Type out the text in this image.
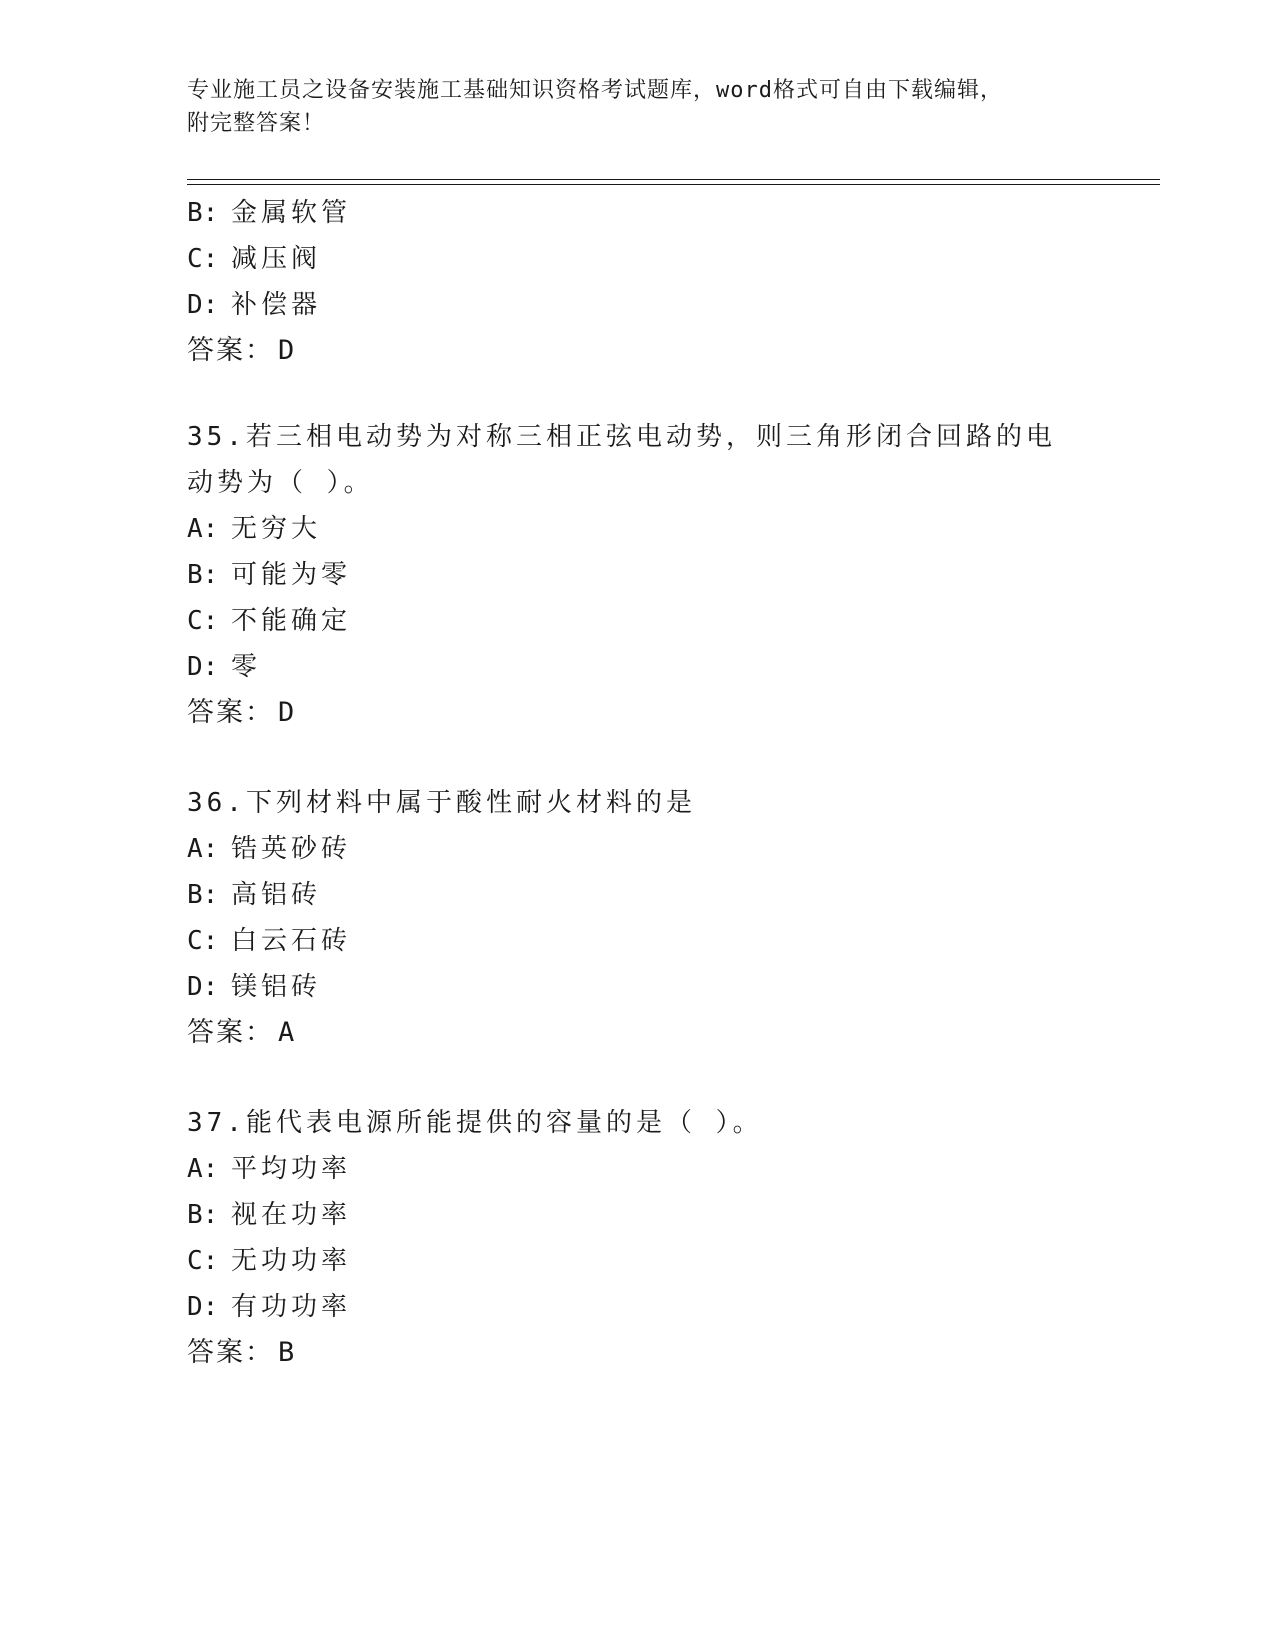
专业施工员之设备安装施工基础知识资格考试题库，word格式可自由下载编辑，
附完整答案！
B: 金属软管
C: 减压阀
D: 补偿器
答案： D
35.若三相电动势为对称三相正弦电动势，则三角形闭合回路的电动势为（ ）。
A: 无穷大
B: 可能为零
C: 不能确定
D: 零
答案： D
36.下列材料中属于酸性耐火材料的是
A: 锆英砂砖
B: 高铝砖
C: 白云石砖
D: 镁铝砖
答案： A
37.能代表电源所能提供的容量的是（ ）。
A: 平均功率
B: 视在功率
C: 无功功率
D: 有功功率
答案： B
